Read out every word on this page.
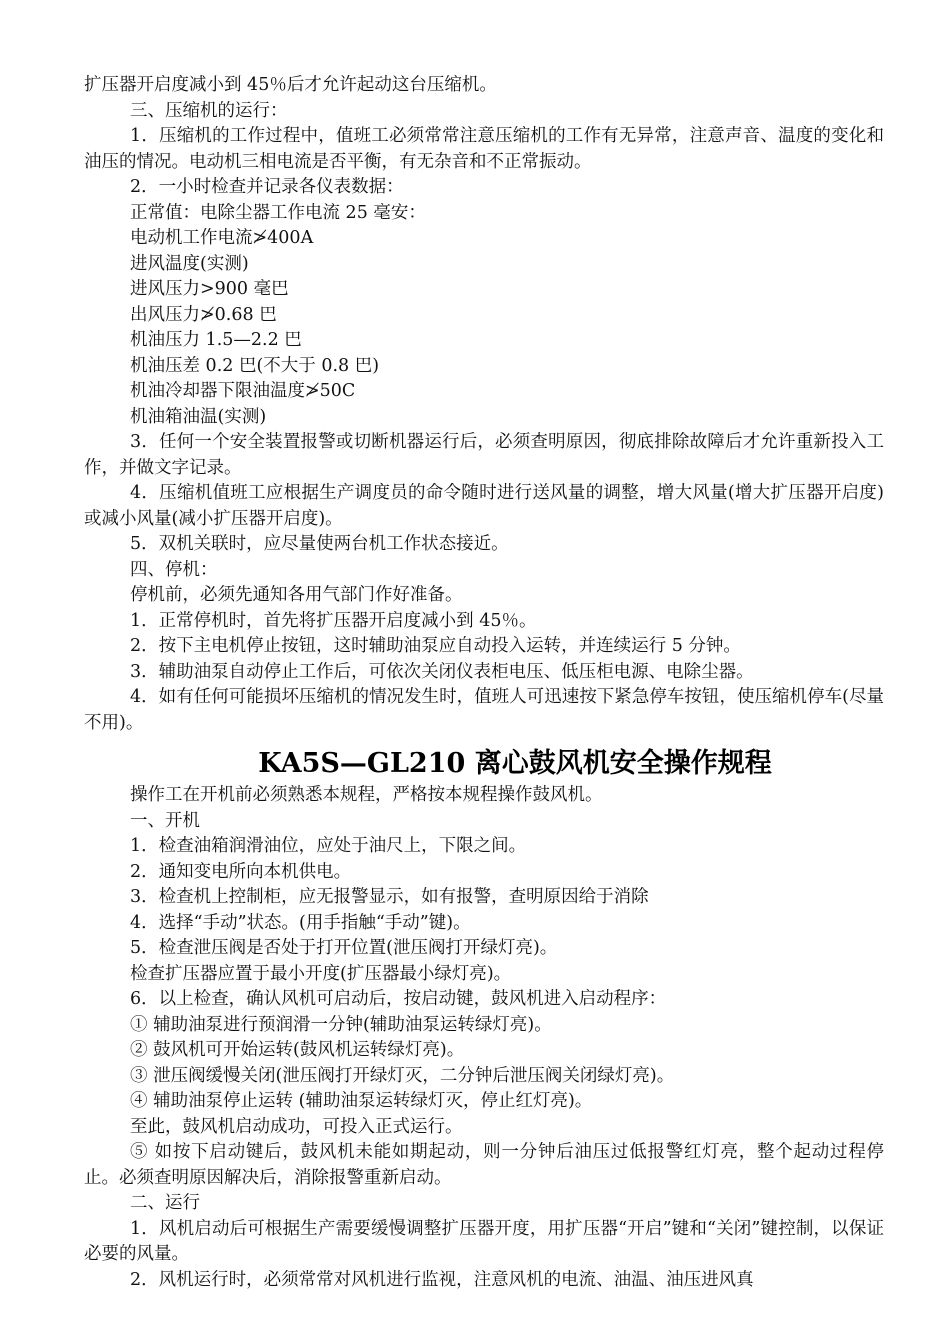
扩压器开启度减小到 45％后才允许起动这台压缩机。

三、压缩机的运行：

1．压缩机的工作过程中，值班工必须常常注意压缩机的工作有无异常，注意声音、温度的变化和油压的情况。电动机三相电流是否平衡，有无杂音和不正常振动。

2．一小时检查并记录各仪表数据：

正常值：电除尘器工作电流 25 毫安：

电动机工作电流≯400A

进风温度(实测)

进风压力>900 毫巴

出风压力≯0.68 巴

机油压力 1.5—2.2 巴

机油压差 0.2 巴(不大于 0.8 巴)

机油冷却器下限油温度≯50C

机油箱油温(实测)

3．任何一个安全装置报警或切断机器运行后，必须查明原因，彻底排除故障后才允许重新投入工作，并做文字记录。

4．压缩机值班工应根据生产调度员的命令随时进行送风量的调整，增大风量(增大扩压器开启度)或减小风量(减小扩压器开启度)。

5．双机关联时，应尽量使两台机工作状态接近。

四、停机：

停机前，必须先通知各用气部门作好准备。

1．正常停机时，首先将扩压器开启度减小到 45％。

2．按下主电机停止按钮，这时辅助油泵应自动投入运转，并连续运行 5 分钟。

3．辅助油泵自动停止工作后，可依次关闭仪表柜电压、低压柜电源、电除尘器。

4．如有任何可能损坏压缩机的情况发生时，值班人可迅速按下紧急停车按钮，使压缩机停车(尽量不用)。

KA5S—GL210 离心鼓风机安全操作规程

操作工在开机前必须熟悉本规程，严格按本规程操作鼓风机。

一、开机

1．检查油箱润滑油位，应处于油尺上，下限之间。

2．通知变电所向本机供电。

3．检查机上控制柜，应无报警显示，如有报警，查明原因给于消除

4．选择“手动”状态。(用手指触“手动”键)。

5．检查泄压阀是否处于打开位置(泄压阀打开绿灯亮)。

检查扩压器应置于最小开度(扩压器最小绿灯亮)。

6．以上检查，确认风机可启动后，按启动键，鼓风机进入启动程序：

① 辅助油泵进行预润滑一分钟(辅助油泵运转绿灯亮)。

② 鼓风机可开始运转(鼓风机运转绿灯亮)。

③ 泄压阀缓慢关闭(泄压阀打开绿灯灭，二分钟后泄压阀关闭绿灯亮)。

④ 辅助油泵停止运转 (辅助油泵运转绿灯灭，停止红灯亮)。

至此，鼓风机启动成功，可投入正式运行。

⑤ 如按下启动键后，鼓风机未能如期起动，则一分钟后油压过低报警红灯亮，整个起动过程停止。必须查明原因解决后，消除报警重新启动。

二、运行

1．风机启动后可根据生产需要缓慢调整扩压器开度，用扩压器“开启”键和“关闭”键控制，以保证必要的风量。

2．风机运行时，必须常常对风机进行监视，注意风机的电流、油温、油压进风真
